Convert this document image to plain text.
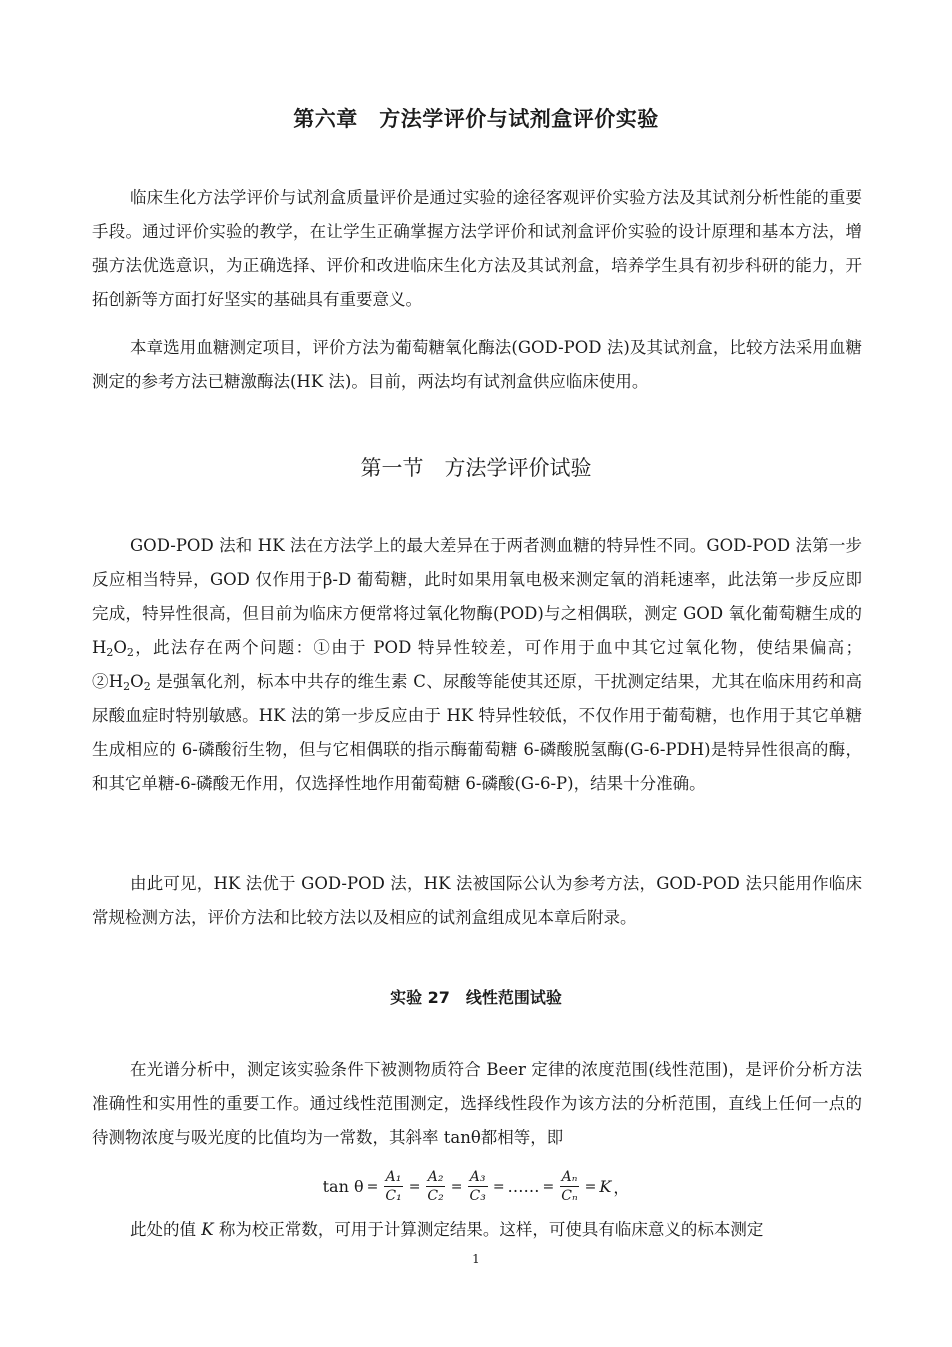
第六章　方法学评价与试剂盒评价实验

临床生化方法学评价与试剂盒质量评价是通过实验的途径客观评价实验方法及其试剂分析性能的重要手段。通过评价实验的教学，在让学生正确掌握方法学评价和试剂盒评价实验的设计原理和基本方法，增强方法优选意识，为正确选择、评价和改进临床生化方法及其试剂盒，培养学生具有初步科研的能力，开拓创新等方面打好坚实的基础具有重要意义。

本章选用血糖测定项目，评价方法为葡萄糖氧化酶法(GOD-POD 法)及其试剂盒，比较方法采用血糖测定的参考方法已糖激酶法(HK 法)。目前，两法均有试剂盒供应临床使用。

第一节　方法学评价试验

GOD-POD 法和 HK 法在方法学上的最大差异在于两者测血糖的特异性不同。GOD-POD 法第一步反应相当特异，GOD 仅作用于β-D 葡萄糖，此时如果用氧电极来测定氧的消耗速率，此法第一步反应即完成，特异性很高，但目前为临床方便常将过氧化物酶(POD)与之相偶联，测定 GOD 氧化葡萄糖生成的 $H_2O_2$，此法存在两个问题：①由于 POD 特异性较差，可作用于血中其它过氧化物，使结果偏高；$②H_2O_2$ 是强氧化剂，标本中共存的维生素 C、尿酸等能使其还原，干扰测定结果，尤其在临床用药和高尿酸血症时特别敏感。HK 法的第一步反应由于 HK 特异性较低，不仅作用于葡萄糖，也作用于其它单糖生成相应的 6-磷酸衍生物，但与它相偶联的指示酶葡萄糖 6-磷酸脱氢酶(G-6-PDH)是特异性很高的酶，和其它单糖-6-磷酸无作用，仅选择性地作用葡萄糖 6-磷酸(G-6-P)，结果十分准确。

由此可见，HK 法优于 GOD-POD 法，HK 法被国际公认为参考方法，GOD-POD 法只能用作临床常规检测方法，评价方法和比较方法以及相应的试剂盒组成见本章后附录。

实验 27　线性范围试验

在光谱分析中，测定该实验条件下被测物质符合 Beer 定律的浓度范围(线性范围)，是评价分析方法准确性和实用性的重要工作。通过线性范围测定，选择线性段作为该方法的分析范围，直线上任何一点的待测物浓度与吸光度的比值均为一常数，其斜率 tanθ都相等，即

$\tan \theta = \frac{\text{A₁}}{\text{C₁}} = \frac{\text{A₂}}{\text{C₂}} = \frac{\text{A₃}}{\text{C₃}}$ = …… = $\frac{\text{Aₙ}}{\text{Cₙ}} = K$ ，

此处的值 K 称为校正常数，可用于计算测定结果。这样，可使具有临床意义的标本测定

1
